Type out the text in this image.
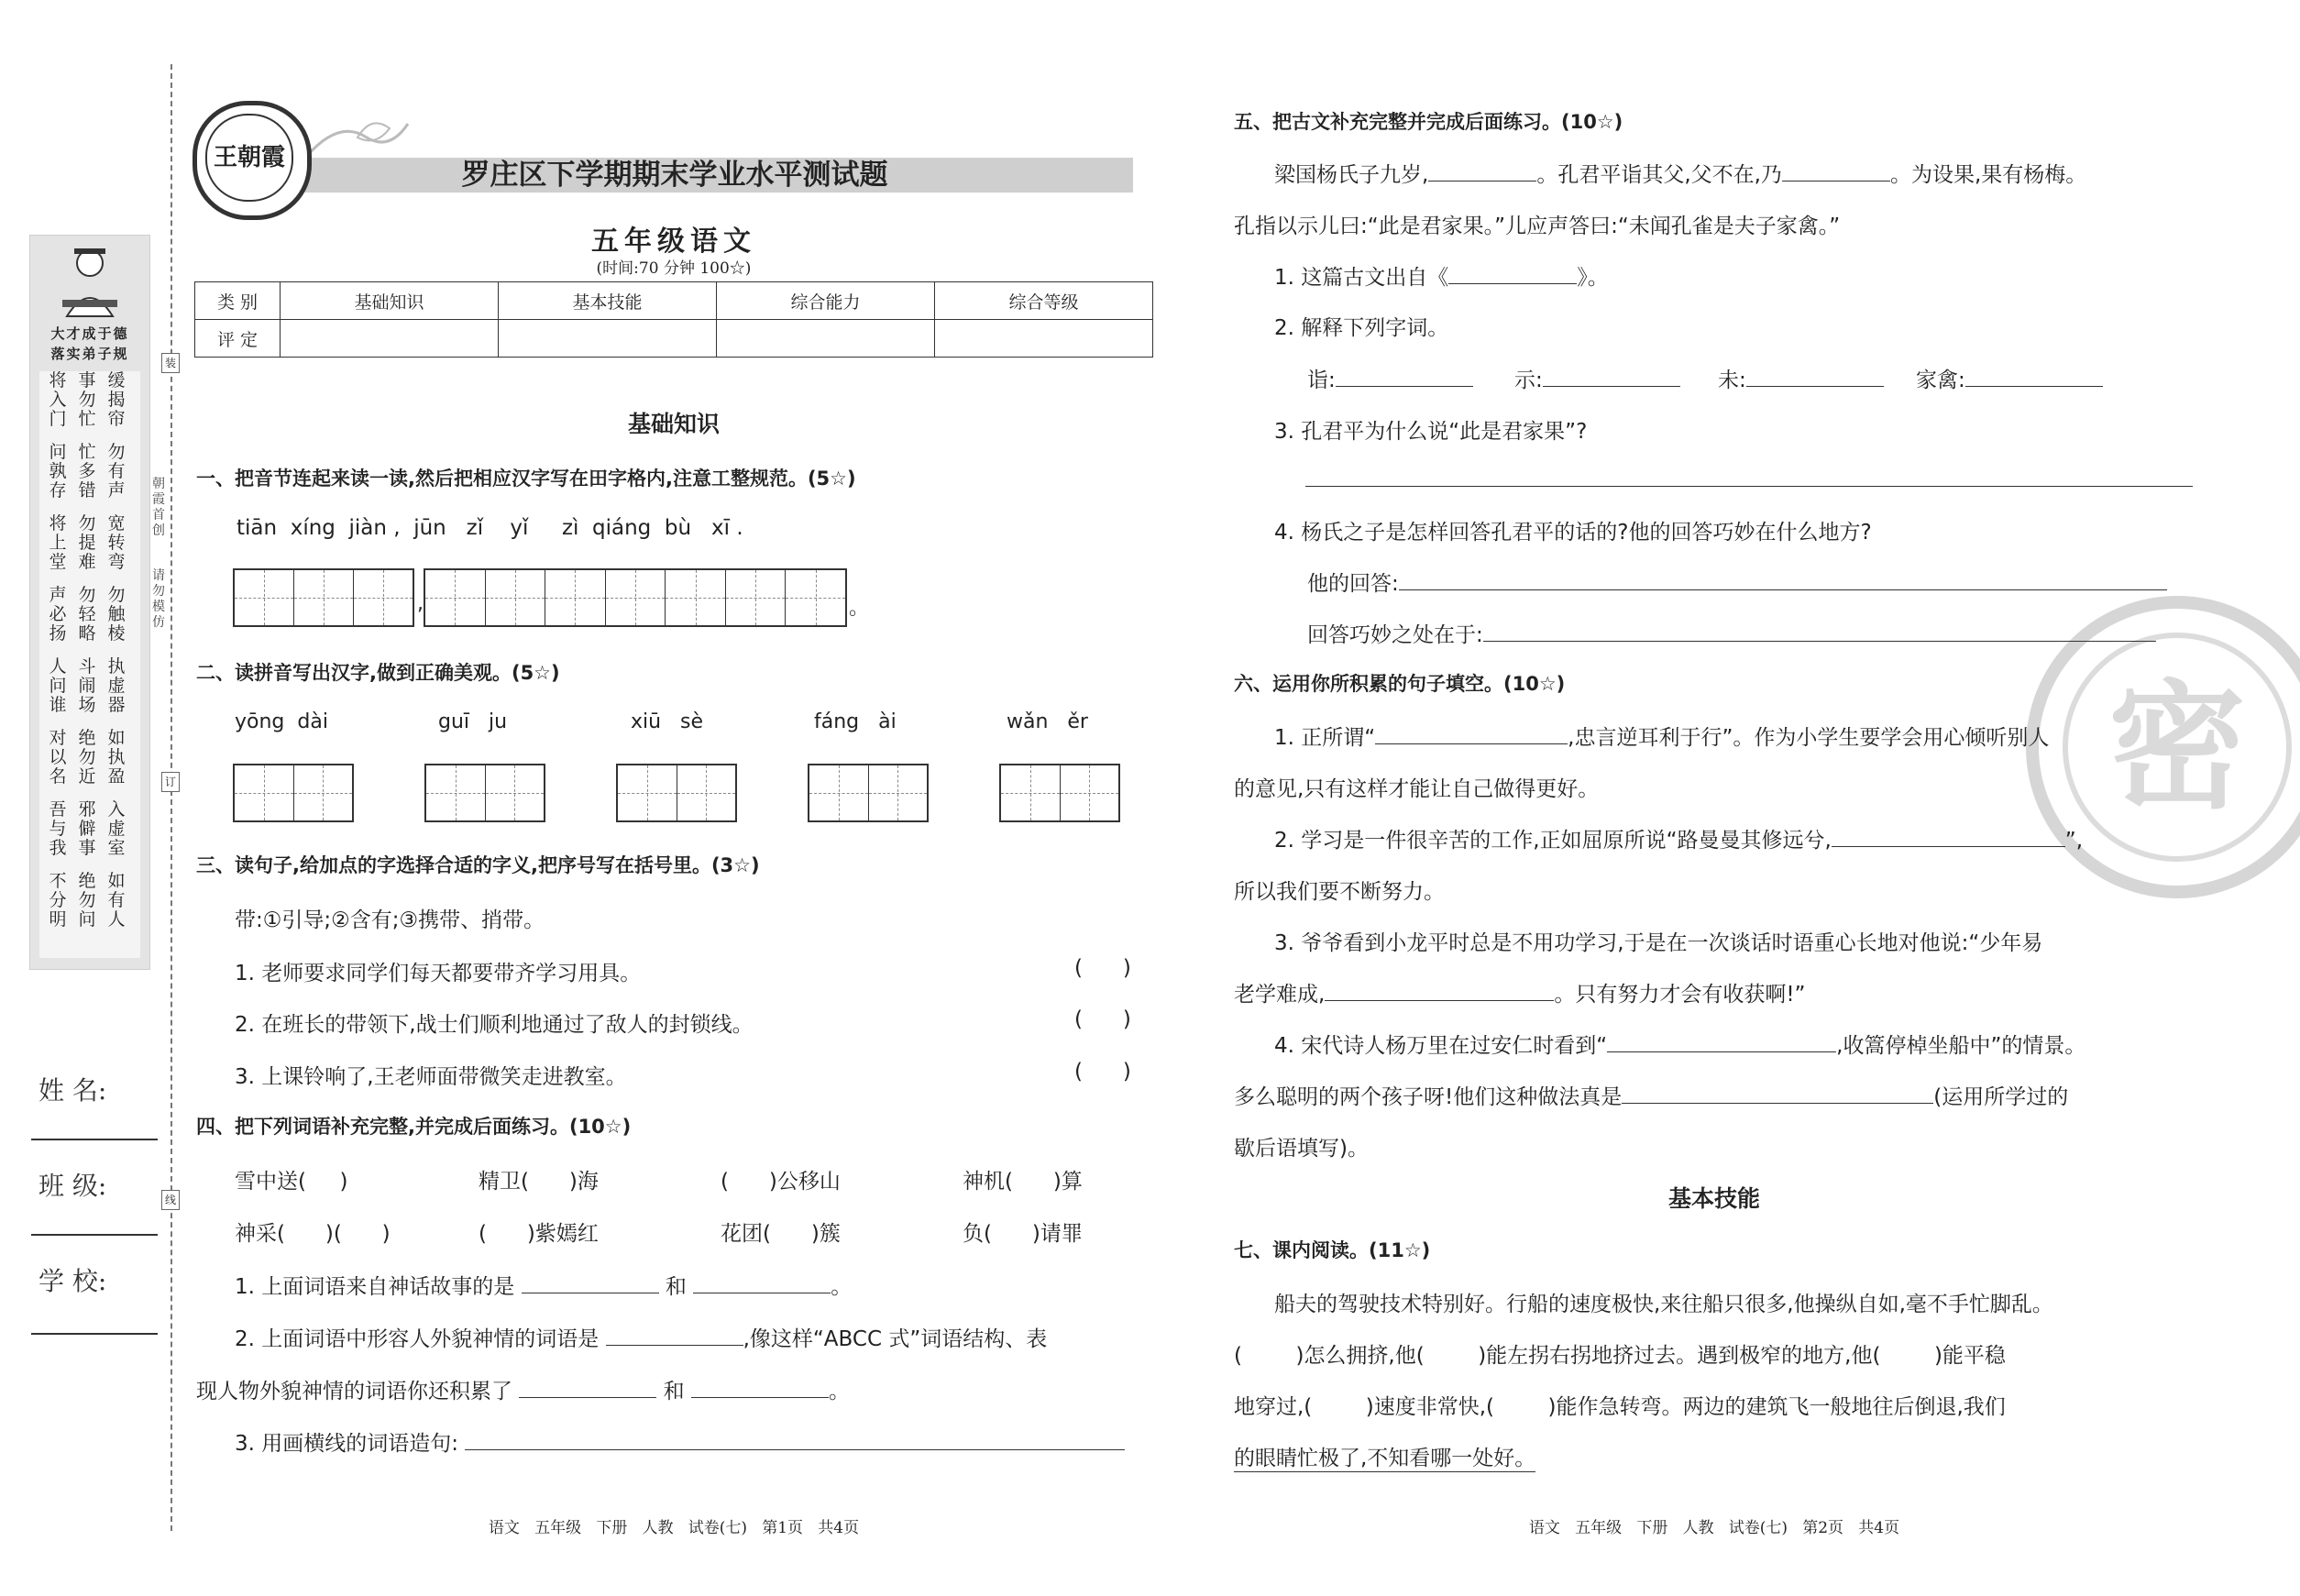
大才成于德
落实弟子规
将 事 缓
入 勿 揭
门 忙 帘
问 忙 勿
孰 多 有
存 错 声
将 勿 宽
上 提 转
堂 难 弯
声 勿 勿
必 轻 触
扬 略 棱
人 斗 执
问 闹 虚
谁 场 器
对 绝 如
以 勿 执
名 近 盈
吾 邪 入
与 僻 虚
我 事 室
不 绝 如
分 勿 有
明 问 人
姓 名:
班 级:
学 校:
装
订
线
朝霞首创
请勿模仿
王朝霞
罗庄区下学期期末学业水平测试题
五年级语文
(时间:70 分钟 100☆)
类 别	基础知识	基本技能	综合能力	综合等级
评 定				
基础知识
一、把音节连起来读一读,然后把相应汉字写在田字格内,注意工整规范。(5☆)
tiān  xíng  jiàn ,  jūn   zǐ    yǐ     zì  qiáng  bù   xī .
,	。
二、读拼音写出汉字,做到正确美观。(5☆)
yōng  dài	guī   ju	xiū   sè	fáng   ài	wǎn   ěr
三、读句子,给加点的字选择合适的字义,把序号写在括号里。(3☆)
带:①引导;②含有;③携带、捎带。
1. 老师要求同学们每天都要带齐学习用具。
2. 在班长的带领下,战士们顺利地通过了敌人的封锁线。
3. 上课铃响了,王老师面带微笑走进教室。
(      )
(      )
(      )
四、把下列词语补充完整,并完成后面练习。(10☆)
雪中送(     )	精卫(      )海	(      )公移山	神机(      )算
神采(      )(      )	(      )紫嫣红	花团(      )簇	负(      )请罪
1. 上面词语来自神话故事的是	和	。
2. 上面词语中形容人外貌神情的词语是	,像这样“ABCC 式”词语结构、表
现人物外貌神情的词语你还积累了	和	。
3. 用画横线的词语造句:
语文   五年级   下册   人教   试卷(七)   第1页   共4页
密
五、把古文补充完整并完成后面练习。(10☆)
梁国杨氏子九岁,	。孔君平诣其父,父不在,乃	。为设果,果有杨梅。
孔指以示儿曰:“此是君家果。”儿应声答曰:“未闻孔雀是夫子家禽。”
1. 这篇古文出自《	》。
2. 解释下列字词。
诣:	示:	未:	家禽:
3. 孔君平为什么说“此是君家果”?
4. 杨氏之子是怎样回答孔君平的话的?他的回答巧妙在什么地方?
他的回答:
回答巧妙之处在于:
六、运用你所积累的句子填空。(10☆)
1. 正所谓“	,忠言逆耳利于行”。作为小学生要学会用心倾听别人
的意见,只有这样才能让自己做得更好。
2. 学习是一件很辛苦的工作,正如屈原所说“路曼曼其修远兮,	”,
所以我们要不断努力。
3. 爷爷看到小龙平时总是不用功学习,于是在一次谈话时语重心长地对他说:“少年易
老学难成,	。只有努力才会有收获啊!”
4. 宋代诗人杨万里在过安仁时看到“	,收篙停棹坐船中”的情景。
多么聪明的两个孩子呀!他们这种做法真是	(运用所学过的
歇后语填写)。
基本技能
七、课内阅读。(11☆)
船夫的驾驶技术特别好。行船的速度极快,来往船只很多,他操纵自如,毫不手忙脚乱。
(        )怎么拥挤,他(        )能左拐右拐地挤过去。遇到极窄的地方,他(        )能平稳
地穿过,(        )速度非常快,(        )能作急转弯。两边的建筑飞一般地往后倒退,我们
的眼睛忙极了,不知看哪一处好。
语文   五年级   下册   人教   试卷(七)   第2页   共4页
